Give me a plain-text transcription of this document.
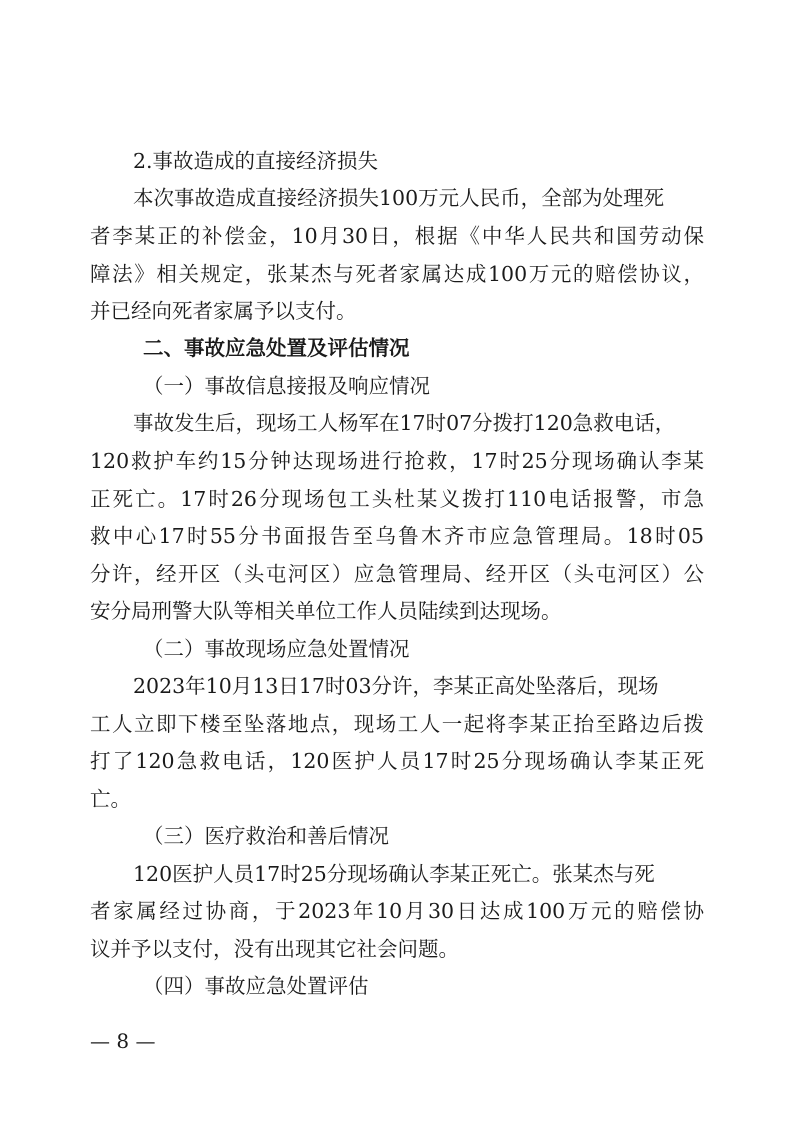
2.事故造成的直接经济损失

本次事故造成直接经济损失100万元人民币，全部为处理死

者李某正的补偿金，10月30日，根据《中华人民共和国劳动保

障法》相关规定，张某杰与死者家属达成100万元的赔偿协议，

并已经向死者家属予以支付。

二、事故应急处置及评估情况

（一）事故信息接报及响应情况

事故发生后，现场工人杨军在17时07分拨打120急救电话，

120救护车约15分钟达现场进行抢救，17时25分现场确认李某

正死亡。17时26分现场包工头杜某义拨打110电话报警，市急

救中心17时55分书面报告至乌鲁木齐市应急管理局。18时05

分许，经开区（头屯河区）应急管理局、经开区（头屯河区）公

安分局刑警大队等相关单位工作人员陆续到达现场。

（二）事故现场应急处置情况

2023年10月13日17时03分许，李某正高处坠落后，现场

工人立即下楼至坠落地点，现场工人一起将李某正抬至路边后拨

打了120急救电话，120医护人员17时25分现场确认李某正死

亡。

（三）医疗救治和善后情况

120医护人员17时25分现场确认李某正死亡。张某杰与死

者家属经过协商，于2023年10月30日达成100万元的赔偿协

议并予以支付，没有出现其它社会问题。

（四）事故应急处置评估

— 8 —
